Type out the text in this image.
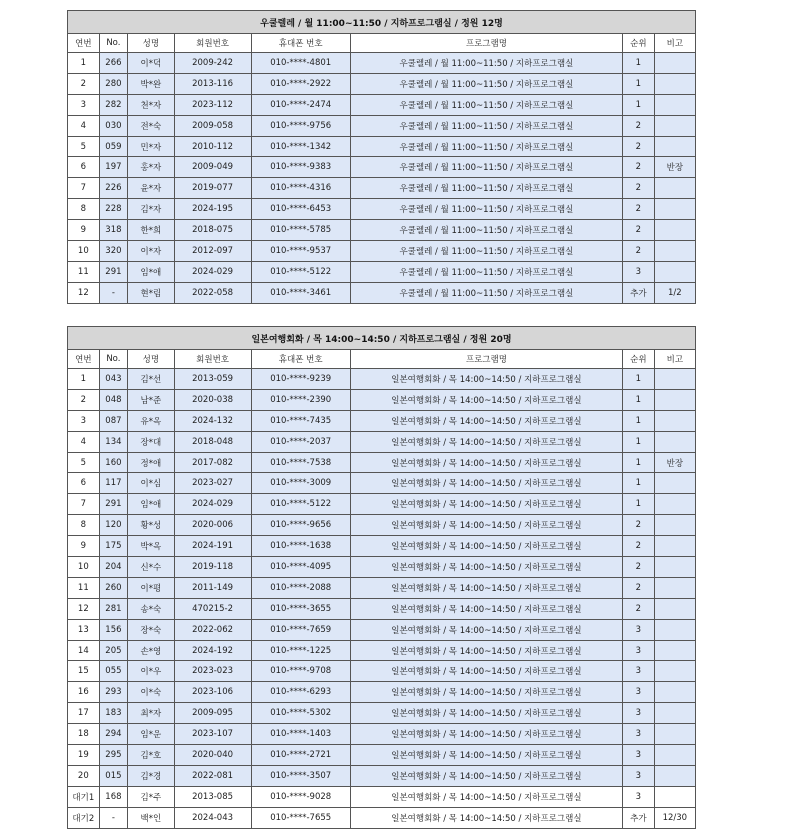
우쿨렐레 / 월 11:00~11:50 / 지하프로그램실 / 정원 12명							
연번	No.	성명	회원번호	휴대폰 번호	프로그램명	순위	비고
1	266	이*덕	2009-242	010-****-4801	우쿨렐레 / 월 11:00~11:50 / 지하프로그램실	1	
2	280	박*완	2013-116	010-****-2922	우쿨렐레 / 월 11:00~11:50 / 지하프로그램실	1	
3	282	천*자	2023-112	010-****-2474	우쿨렐레 / 월 11:00~11:50 / 지하프로그램실	1	
4	030	전*숙	2009-058	010-****-9756	우쿨렐레 / 월 11:00~11:50 / 지하프로그램실	2	
5	059	민*자	2010-112	010-****-1342	우쿨렐레 / 월 11:00~11:50 / 지하프로그램실	2	
6	197	홍*자	2009-049	010-****-9383	우쿨렐레 / 월 11:00~11:50 / 지하프로그램실	2	반장
7	226	윤*자	2019-077	010-****-4316	우쿨렐레 / 월 11:00~11:50 / 지하프로그램실	2	
8	228	김*자	2024-195	010-****-6453	우쿨렐레 / 월 11:00~11:50 / 지하프로그램실	2	
9	318	한*희	2018-075	010-****-5785	우쿨렐레 / 월 11:00~11:50 / 지하프로그램실	2	
10	320	이*자	2012-097	010-****-9537	우쿨렐레 / 월 11:00~11:50 / 지하프로그램실	2	
11	291	임*애	2024-029	010-****-5122	우쿨렐레 / 월 11:00~11:50 / 지하프로그램실	3	
12	-	현*림	2022-058	010-****-3461	우쿨렐레 / 월 11:00~11:50 / 지하프로그램실	추가	1/2
일본여행회화 / 목 14:00~14:50 / 지하프로그램실 / 정원 20명							
연번	No.	성명	회원번호	휴대폰 번호	프로그램명	순위	비고
1	043	김*선	2013-059	010-****-9239	일본여행회화 / 목 14:00~14:50 / 지하프로그램실	1	
2	048	남*준	2020-038	010-****-2390	일본여행회화 / 목 14:00~14:50 / 지하프로그램실	1	
3	087	유*옥	2024-132	010-****-7435	일본여행회화 / 목 14:00~14:50 / 지하프로그램실	1	
4	134	장*대	2018-048	010-****-2037	일본여행회화 / 목 14:00~14:50 / 지하프로그램실	1	
5	160	정*애	2017-082	010-****-7538	일본여행회화 / 목 14:00~14:50 / 지하프로그램실	1	반장
6	117	이*심	2023-027	010-****-3009	일본여행회화 / 목 14:00~14:50 / 지하프로그램실	1	
7	291	임*애	2024-029	010-****-5122	일본여행회화 / 목 14:00~14:50 / 지하프로그램실	1	
8	120	황*성	2020-006	010-****-9656	일본여행회화 / 목 14:00~14:50 / 지하프로그램실	2	
9	175	박*옥	2024-191	010-****-1638	일본여행회화 / 목 14:00~14:50 / 지하프로그램실	2	
10	204	신*수	2019-118	010-****-4095	일본여행회화 / 목 14:00~14:50 / 지하프로그램실	2	
11	260	이*평	2011-149	010-****-2088	일본여행회화 / 목 14:00~14:50 / 지하프로그램실	2	
12	281	송*숙	470215-2	010-****-3655	일본여행회화 / 목 14:00~14:50 / 지하프로그램실	2	
13	156	장*숙	2022-062	010-****-7659	일본여행회화 / 목 14:00~14:50 / 지하프로그램실	3	
14	205	손*영	2024-192	010-****-1225	일본여행회화 / 목 14:00~14:50 / 지하프로그램실	3	
15	055	이*우	2023-023	010-****-9708	일본여행회화 / 목 14:00~14:50 / 지하프로그램실	3	
16	293	이*숙	2023-106	010-****-6293	일본여행회화 / 목 14:00~14:50 / 지하프로그램실	3	
17	183	최*자	2009-095	010-****-5302	일본여행회화 / 목 14:00~14:50 / 지하프로그램실	3	
18	294	임*운	2023-107	010-****-1403	일본여행회화 / 목 14:00~14:50 / 지하프로그램실	3	
19	295	김*호	2020-040	010-****-2721	일본여행회화 / 목 14:00~14:50 / 지하프로그램실	3	
20	015	김*경	2022-081	010-****-3507	일본여행회화 / 목 14:00~14:50 / 지하프로그램실	3	
대기1	168	김*주	2013-085	010-****-9028	일본여행회화 / 목 14:00~14:50 / 지하프로그램실	3	
대기2	-	백*인	2024-043	010-****-7655	일본여행회화 / 목 14:00~14:50 / 지하프로그램실	추가	12/30
